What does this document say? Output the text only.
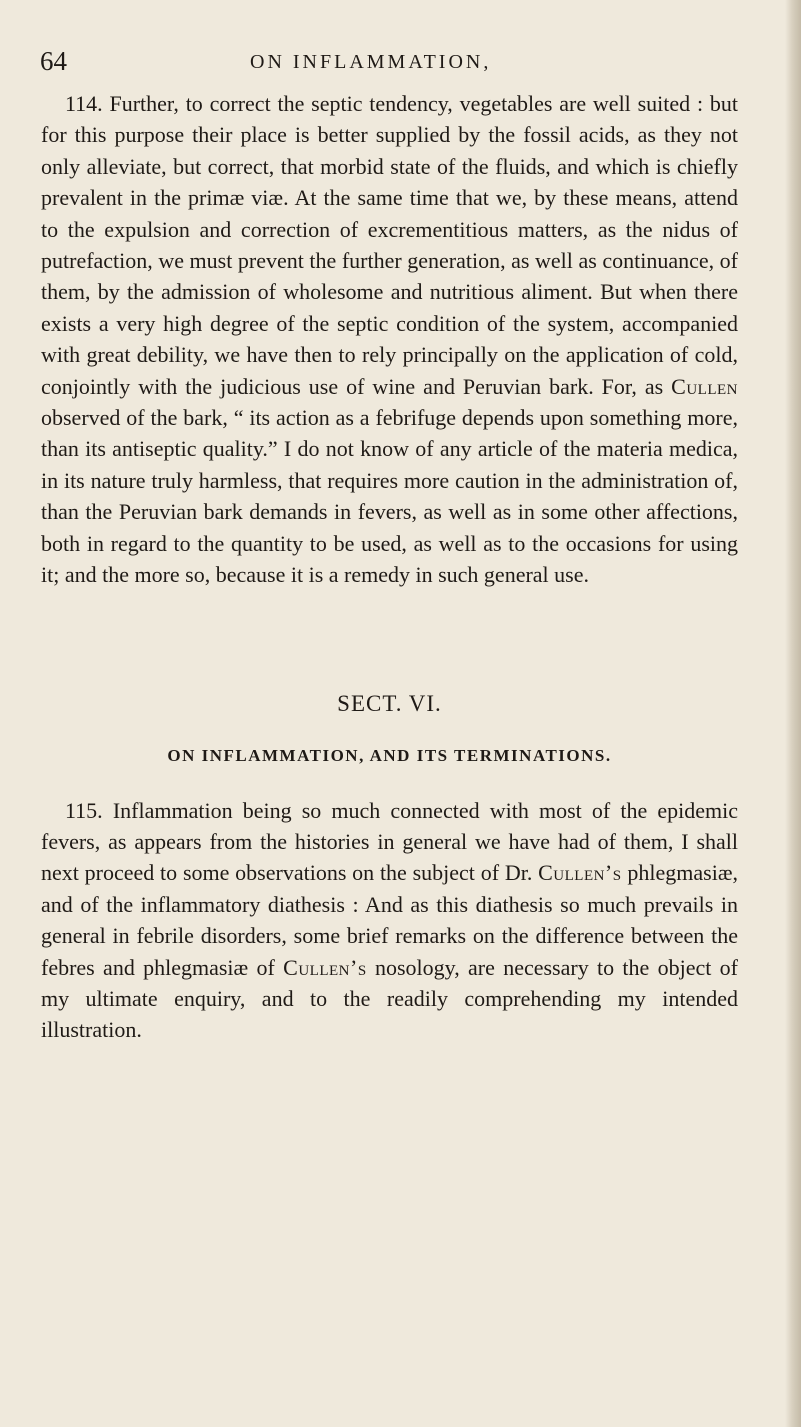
64	ON INFLAMMATION,

114. Further, to correct the septic tendency, vegetables are well suited : but for this purpose their place is better supplied by the fossil acids, as they not only alleviate, but correct, that morbid state of the fluids, and which is chiefly prevalent in the primæ viæ. At the same time that we, by these means, attend to the expulsion and correction of excrementitious matters, as the nidus of putrefaction, we must prevent the further generation, as well as continuance, of them, by the admission of wholesome and nutritious aliment. But when there exists a very high degree of the septic condition of the system, accompanied with great debility, we have then to rely principally on the application of cold, conjointly with the judicious use of wine and Peruvian bark. For, as Cullen observed of the bark, “ its action as a febrifuge depends upon something more, than its antiseptic quality.” I do not know of any article of the materia medica, in its nature truly harmless, that requires more caution in the administration of, than the Peruvian bark demands in fevers, as well as in some other affections, both in regard to the quantity to be used, as well as to the occasions for using it; and the more so, because it is a remedy in such general use.

SECT. VI.
ON INFLAMMATION, AND ITS TERMINATIONS.

115. Inflammation being so much connected with most of the epidemic fevers, as appears from the histories in general we have had of them, I shall next proceed to some observations on the subject of Dr. Cullen’s phlegmasiæ, and of the inflammatory diathesis : And as this diathesis so much prevails in general in febrile disorders, some brief remarks on the difference between the febres and phlegmasiæ of Cullen’s nosology, are necessary to the object of my ultimate enquiry, and to the readily comprehending my intended illustration.
